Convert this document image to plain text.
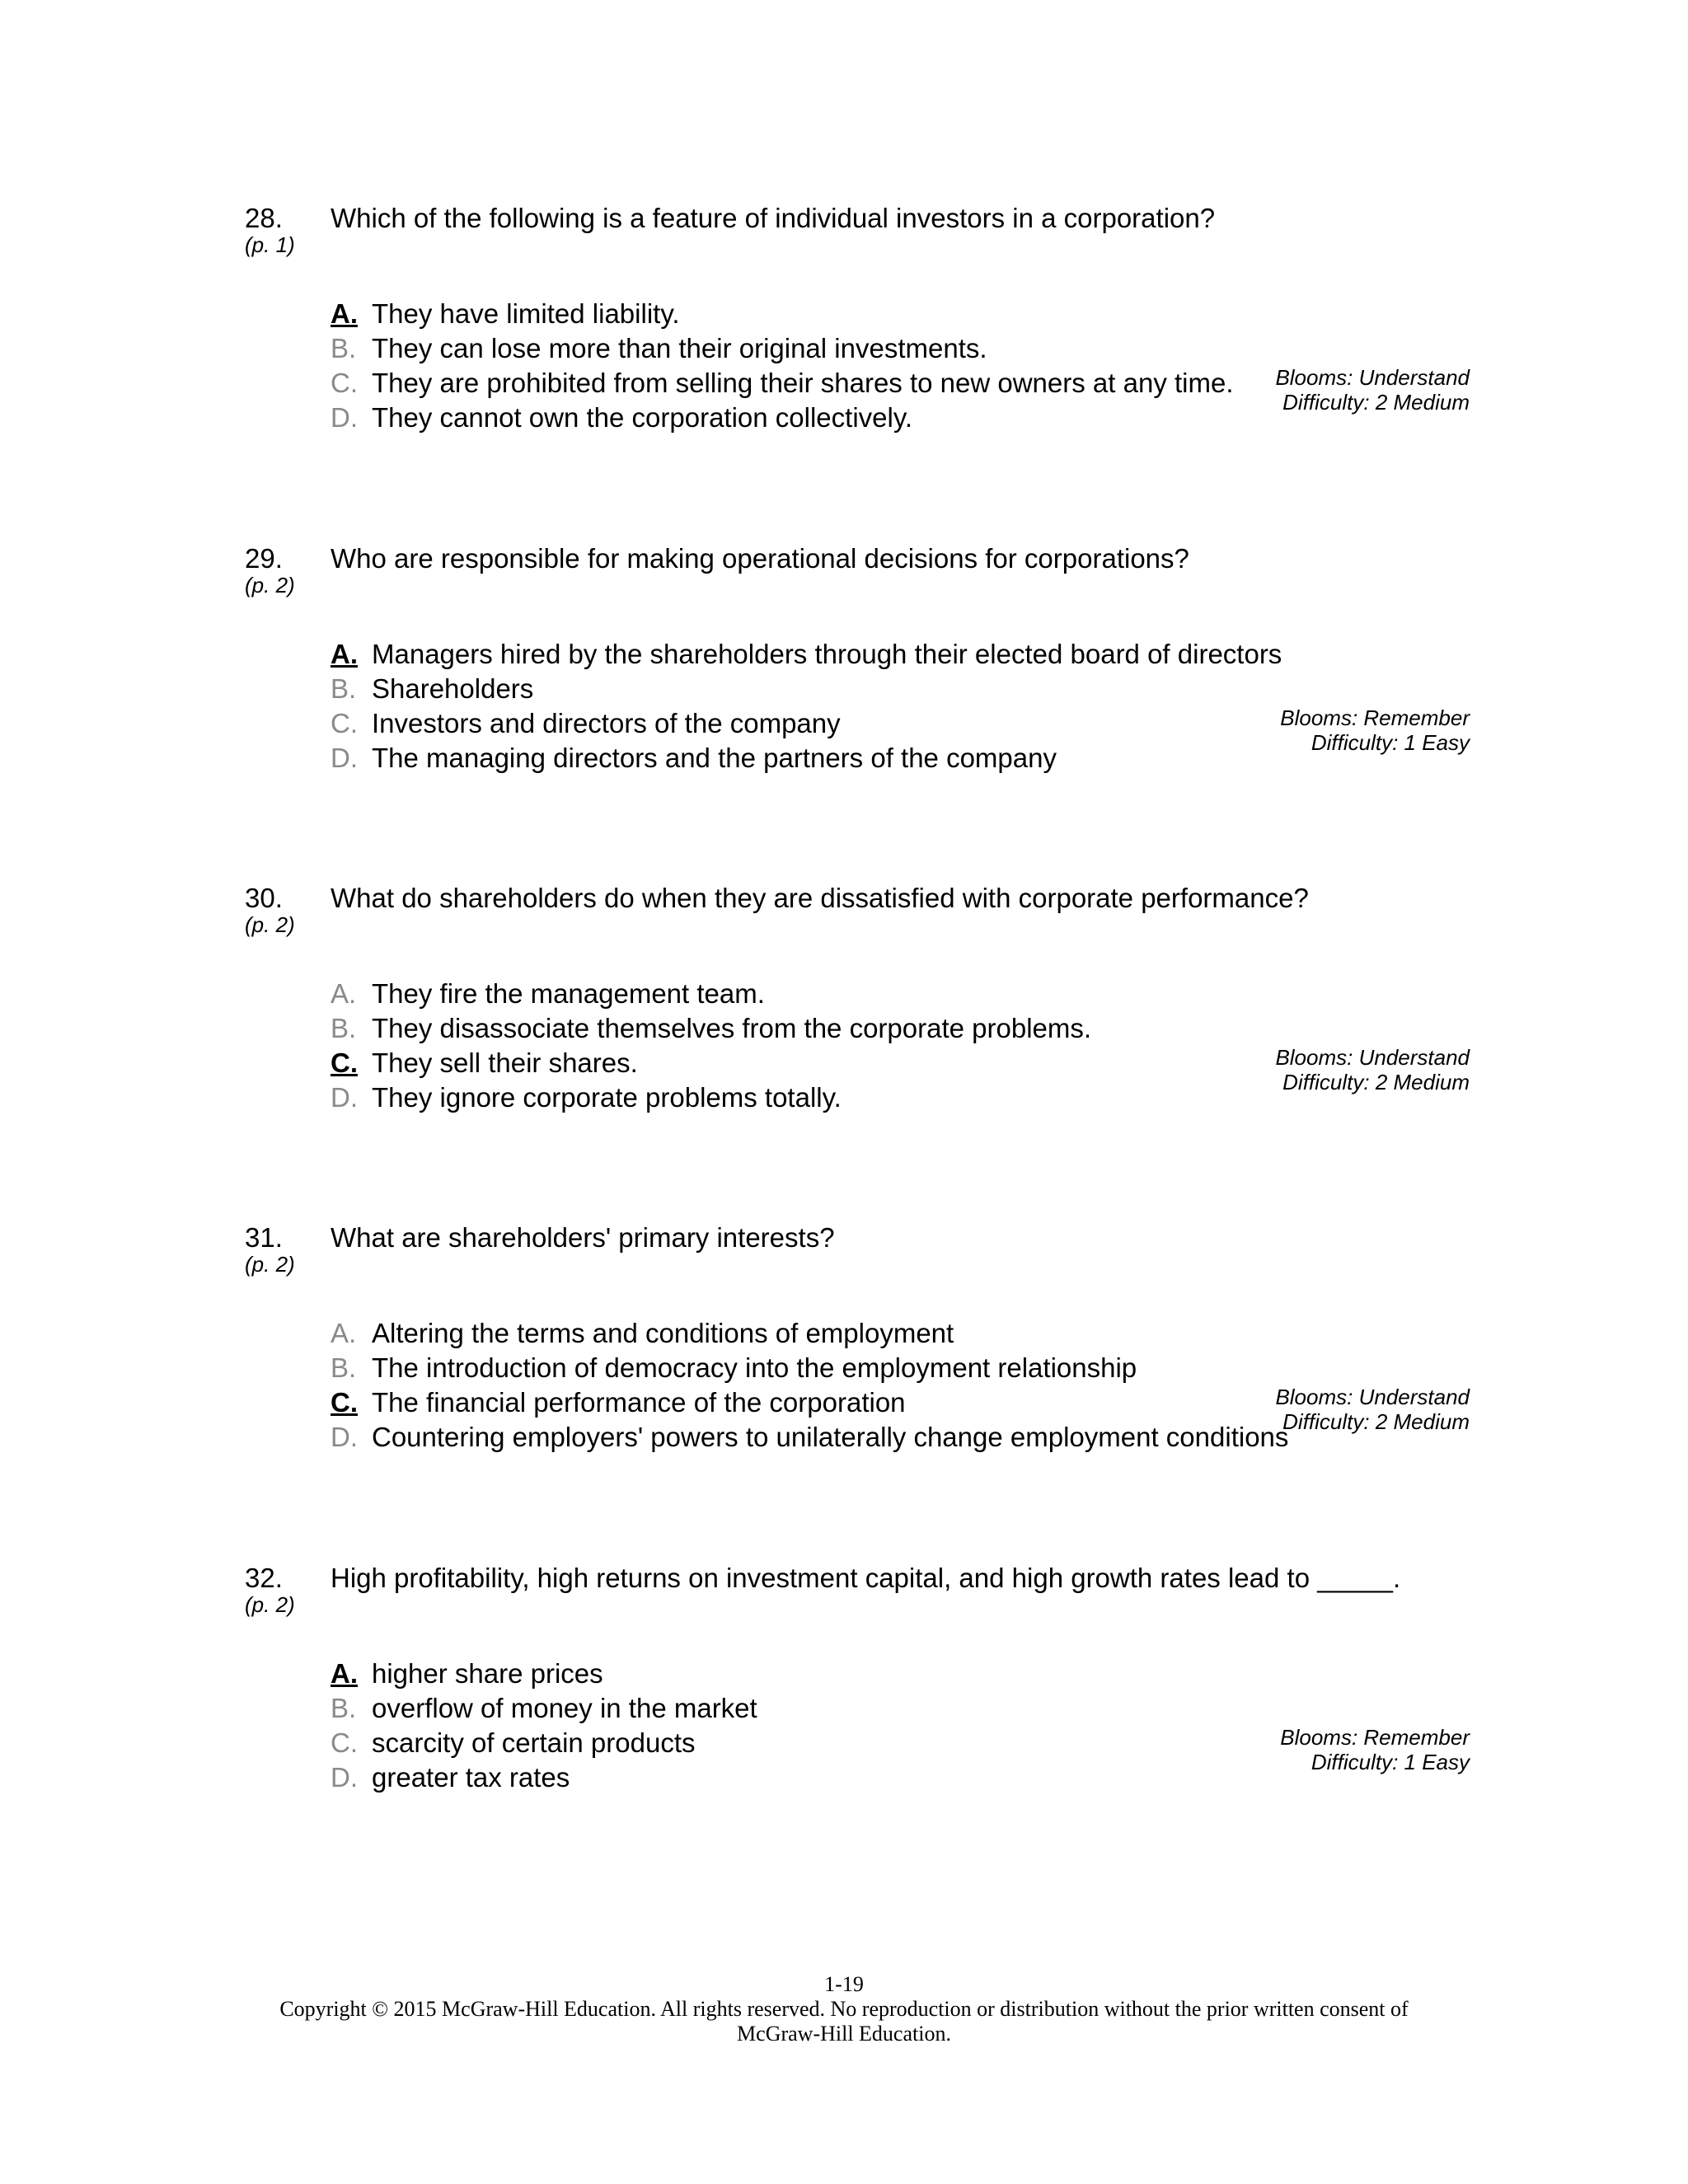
28.
(p. 1)
Which of the following is a feature of individual investors in a corporation?
A. They have limited liability.
B. They can lose more than their original investments.
C. They are prohibited from selling their shares to new owners at any time.
D. They cannot own the corporation collectively.
Blooms: Understand
Difficulty: 2 Medium
29.
(p. 2)
Who are responsible for making operational decisions for corporations?
A. Managers hired by the shareholders through their elected board of directors
B. Shareholders
C. Investors and directors of the company
D. The managing directors and the partners of the company
Blooms: Remember
Difficulty: 1 Easy
30.
(p. 2)
What do shareholders do when they are dissatisfied with corporate performance?
A. They fire the management team.
B. They disassociate themselves from the corporate problems.
C. They sell their shares.
D. They ignore corporate problems totally.
Blooms: Understand
Difficulty: 2 Medium
31.
(p. 2)
What are shareholders' primary interests?
A. Altering the terms and conditions of employment
B. The introduction of democracy into the employment relationship
C. The financial performance of the corporation
D. Countering employers' powers to unilaterally change employment conditions
Blooms: Understand
Difficulty: 2 Medium
32.
(p. 2)
High profitability, high returns on investment capital, and high growth rates lead to _____.
A. higher share prices
B. overflow of money in the market
C. scarcity of certain products
D. greater tax rates
Blooms: Remember
Difficulty: 1 Easy
1-19
Copyright © 2015 McGraw-Hill Education. All rights reserved. No reproduction or distribution without the prior written consent of
McGraw-Hill Education.
